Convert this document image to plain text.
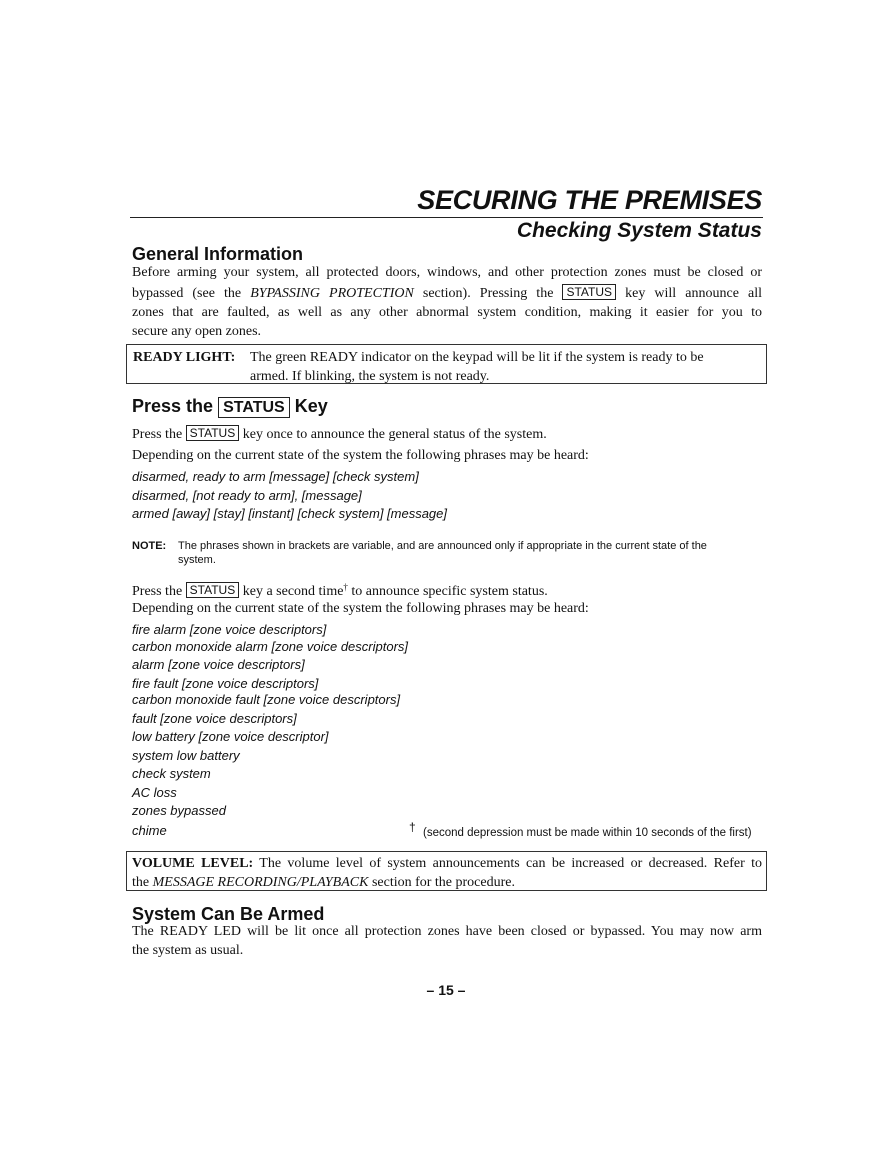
SECURING THE PREMISES
Checking System Status
General Information
Before arming your system, all protected doors, windows, and other protection zones must be closed or
bypassed (see the BYPASSING PROTECTION section). Pressing the STATUS key will announce all
zones that are faulted, as well as any other abnormal system condition, making it easier for you to
secure any open zones.
READY LIGHT: The green READY indicator on the keypad will be lit if the system is ready to be
armed. If blinking, the system is not ready.
Press the STATUS Key
Press the STATUS key once to announce the general status of the system.
Depending on the current state of the system the following phrases may be heard:
disarmed, ready to arm [message] [check system]
disarmed, [not ready to arm], [message]
armed [away] [stay] [instant] [check system] [message]
NOTE: The phrases shown in brackets are variable, and are announced only if appropriate in the current state of the
system.
Press the STATUS key a second time† to announce specific system status.
Depending on the current state of the system the following phrases may be heard:
fire alarm [zone voice descriptors]
carbon monoxide alarm [zone voice descriptors]
alarm [zone voice descriptors]
fire fault [zone voice descriptors]
carbon monoxide fault [zone voice descriptors]
fault [zone voice descriptors]
low battery [zone voice descriptor]
system low battery
check system
AC loss
zones bypassed
chime	† (second depression must be made within 10 seconds of the first)
VOLUME LEVEL: The volume level of system announcements can be increased or decreased. Refer to
the MESSAGE RECORDING/PLAYBACK section for the procedure.
System Can Be Armed
The READY LED will be lit once all protection zones have been closed or bypassed. You may now arm
the system as usual.
– 15 –
